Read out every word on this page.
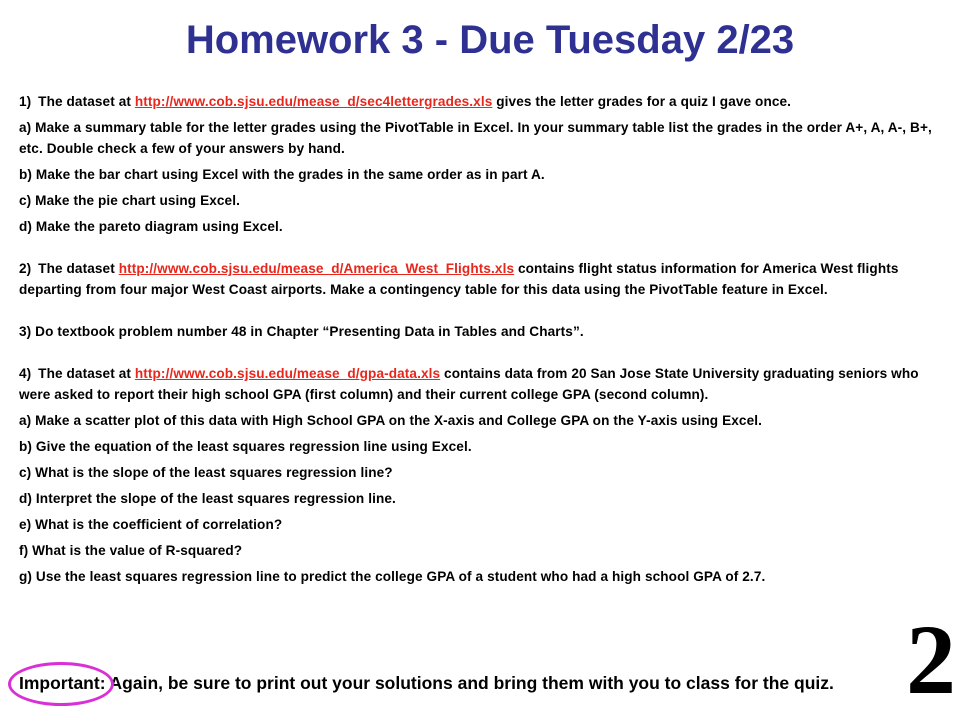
Homework 3 - Due Tuesday 2/23

1) The dataset at http://www.cob.sjsu.edu/mease_d/sec4lettergrades.xls gives the letter grades for a quiz I gave once.

a) Make a summary table for the letter grades using the PivotTable in Excel. In your summary table list the grades in the order A+, A, A-, B+, etc. Double check a few of your answers by hand.

b) Make the bar chart using Excel with the grades in the same order as in part A.

c) Make the pie chart using Excel.

d) Make the pareto diagram using Excel.

2) The dataset http://www.cob.sjsu.edu/mease_d/America_West_Flights.xls contains flight status information for America West flights departing from four major West Coast airports. Make a contingency table for this data using the PivotTable feature in Excel.

3) Do textbook problem number 48 in Chapter “Presenting Data in Tables and Charts”.

4) The dataset at http://www.cob.sjsu.edu/mease_d/gpa-data.xls contains data from 20 San Jose State University graduating seniors who were asked to report their high school GPA (first column) and their current college GPA (second column).

a) Make a scatter plot of this data with High School GPA on the X-axis and College GPA on the Y-axis using Excel.

b) Give the equation of the least squares regression line using Excel.

c) What is the slope of the least squares regression line?

d) Interpret the slope of the least squares regression line.

e) What is the coefficient of correlation?

f) What is the value of R-squared?

g) Use the least squares regression line to predict the college GPA of a student who had a high school GPA of 2.7.

Important: Again, be sure to print out your solutions and bring them with you to class for the quiz. 2
